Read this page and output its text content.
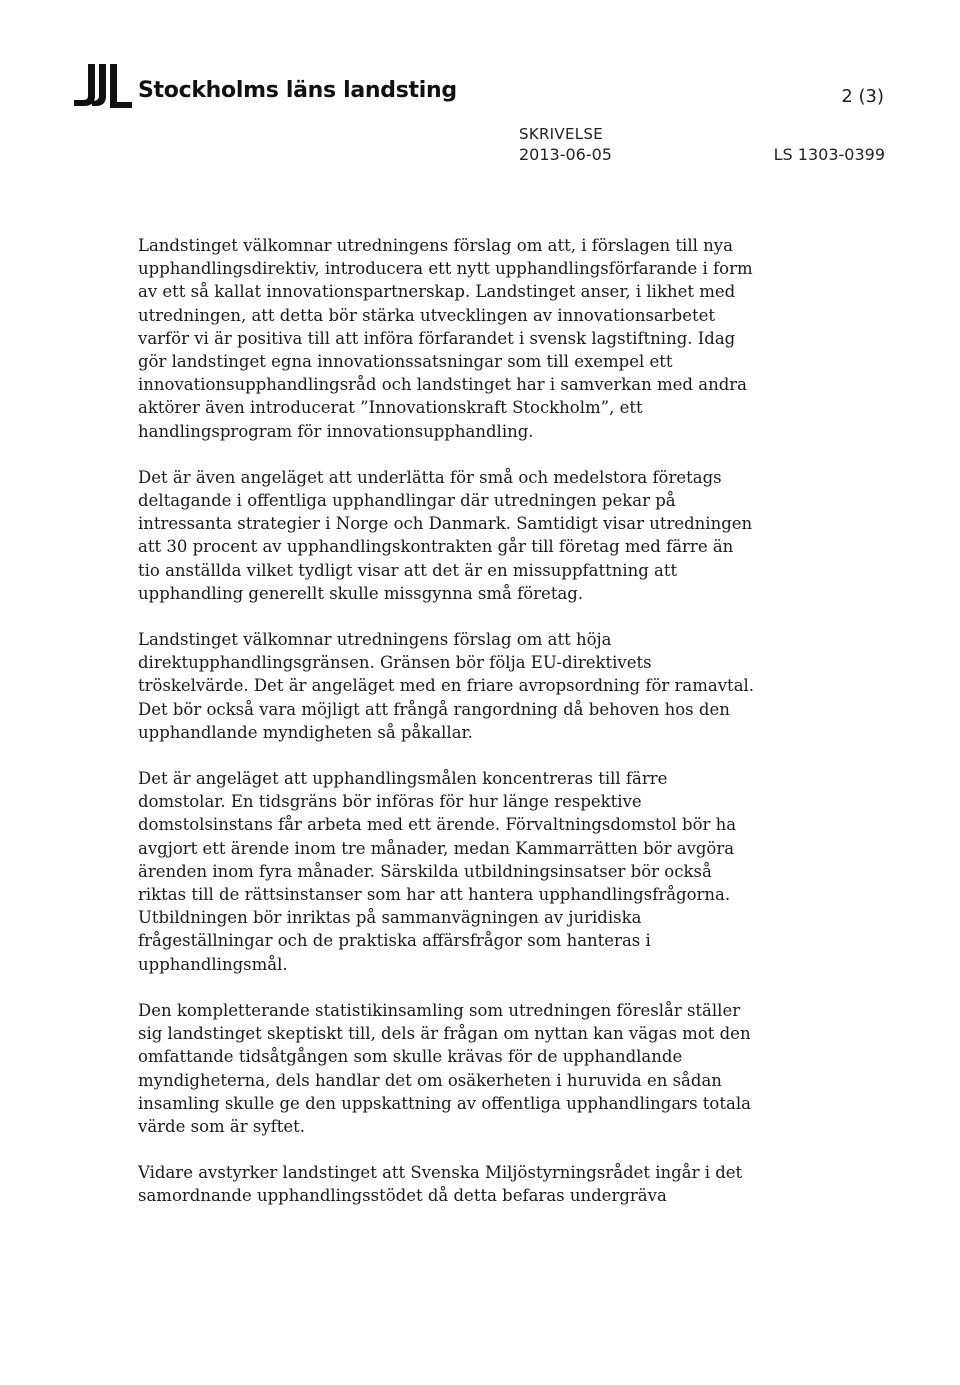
Stockholms läns landsting	2 (3)
SKRIVELSE
2013-06-05	LS 1303-0399

Landstinget välkomnar utredningens förslag om att, i förslagen till nya upphandlingsdirektiv, introducera ett nytt upphandlingsförfarande i form av ett så kallat innovationspartnerskap. Landstinget anser, i likhet med utredningen, att detta bör stärka utvecklingen av innovationsarbetet varför vi är positiva till att införa förfarandet i svensk lagstiftning. Idag gör landstinget egna innovationssatsningar som till exempel ett innovationsupphandlingsråd och landstinget har i samverkan med andra aktörer även introducerat ”Innovationskraft Stockholm”, ett handlingsprogram för innovationsupphandling.

Det är även angeläget att underlätta för små och medelstora företags deltagande i offentliga upphandlingar där utredningen pekar på intressanta strategier i Norge och Danmark. Samtidigt visar utredningen att 30 procent av upphandlingskontrakten går till företag med färre än tio anställda vilket tydligt visar att det är en missuppfattning att upphandling generellt skulle missgynna små företag.

Landstinget välkomnar utredningens förslag om att höja direktupphandlingsgränsen. Gränsen bör följa EU-direktivets tröskelvärde. Det är angeläget med en friare avropsordning för ramavtal. Det bör också vara möjligt att frångå rangordning då behoven hos den upphandlande myndigheten så påkallar.

Det är angeläget att upphandlingsmålen koncentreras till färre domstolar. En tidsgräns bör införas för hur länge respektive domstolsinstans får arbeta med ett ärende. Förvaltningsdomstol bör ha avgjort ett ärende inom tre månader, medan Kammarrätten bör avgöra ärenden inom fyra månader. Särskilda utbildningsinsatser bör också riktas till de rättsinstanser som har att hantera upphandlingsfrågorna. Utbildningen bör inriktas på sammanvägningen av juridiska frågeställningar och de praktiska affärsfrågor som hanteras i upphandlingsmål.

Den kompletterande statistikinsamling som utredningen föreslår ställer sig landstinget skeptiskt till, dels är frågan om nyttan kan vägas mot den omfattande tidsåtgången som skulle krävas för de upphandlande myndigheterna, dels handlar det om osäkerheten i huruvida en sådan insamling skulle ge den uppskattning av offentliga upphandlingars totala värde som är syftet.

Vidare avstyrker landstinget att Svenska Miljöstyrningsrådet ingår i det samordnande upphandlingsstödet då detta befaras undergräva
